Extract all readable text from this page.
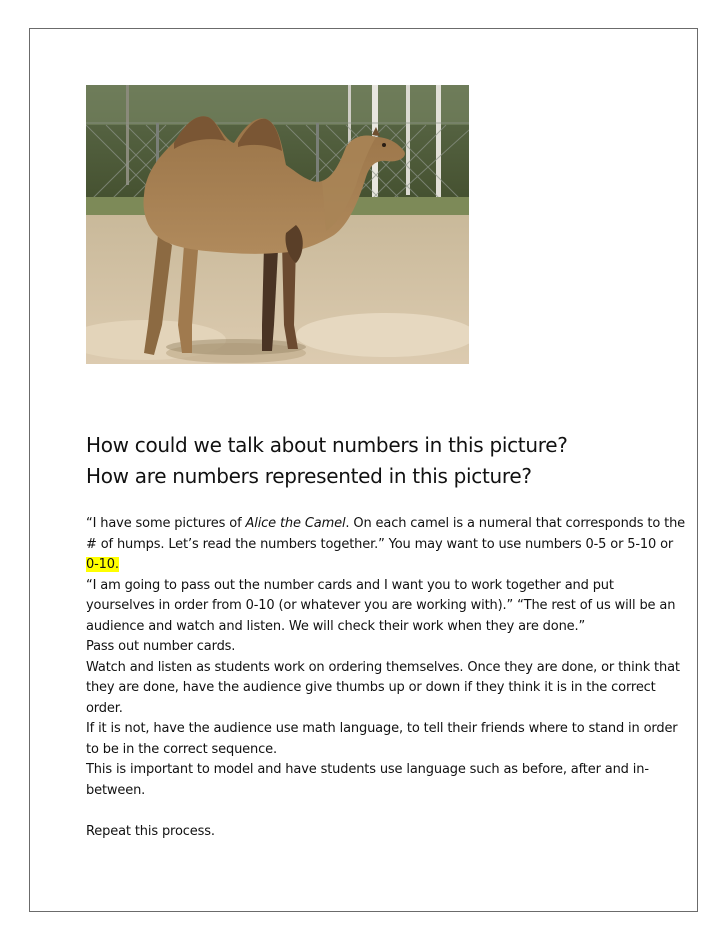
How could we talk about numbers in this picture?

How are numbers represented in this picture?

“I have some pictures of Alice the Camel. On each camel is a numeral that corresponds to the # of humps. Let’s read the numbers together.” You may want to use numbers 0-5 or 5-10 or 0-10.

“I am going to pass out the number cards and I want you to work together and put yourselves in order from 0-10 (or whatever you are working with).” “The rest of us will be an audience and watch and listen. We will check their work when they are done.”

Pass out number cards.

Watch and listen as students work on ordering themselves. Once they are done, or think that they are done, have the audience give thumbs up or down if they think it is in the correct order.

If it is not, have the audience use math language, to tell their friends where to stand in order to be in the correct sequence.

This is important to model and have students use language such as before, after and in-between.

Repeat this process.
